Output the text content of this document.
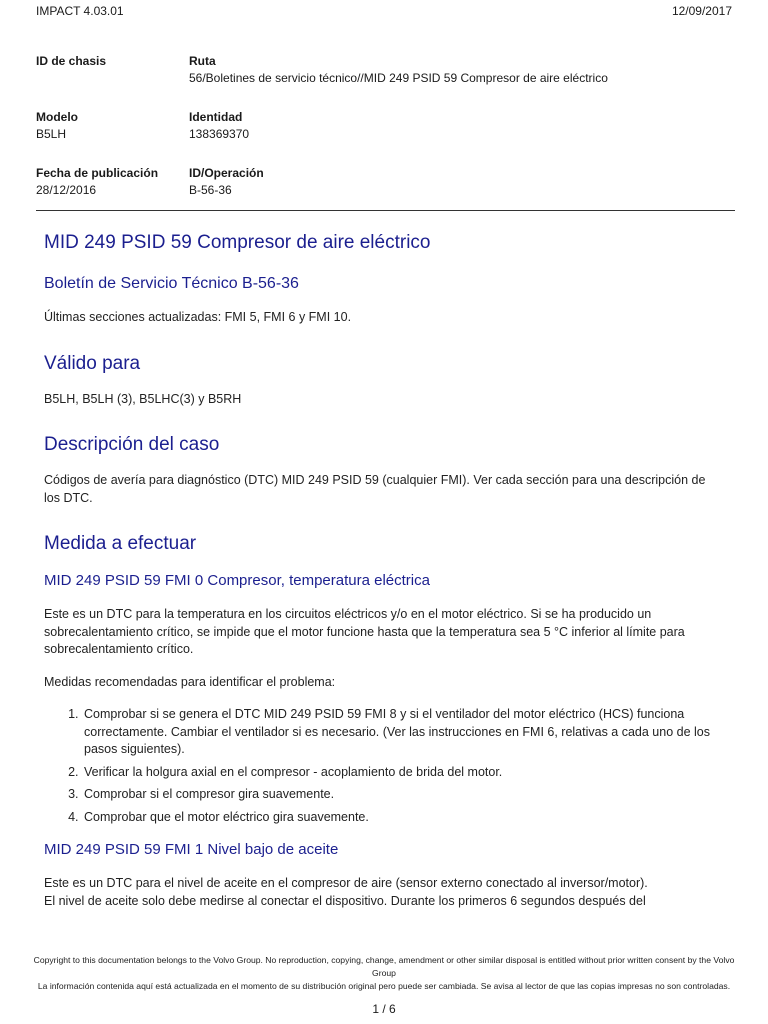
IMPACT 4.03.01	12/09/2017
ID de chasis	Ruta
56/Boletines de servicio técnico//MID 249 PSID 59 Compresor de aire eléctrico
Modelo
B5LH
Identidad
138369370
Fecha de publicación
28/12/2016
ID/Operación
B-56-36
MID 249 PSID 59 Compresor de aire eléctrico
Boletín de Servicio Técnico B-56-36

Últimas secciones actualizadas: FMI 5, FMI 6 y FMI 10.

Válido para

B5LH, B5LH (3), B5LHC(3) y B5RH

Descripción del caso

Códigos de avería para diagnóstico (DTC) MID 249 PSID 59 (cualquier FMI). Ver cada sección para una descripción de los DTC.

Medida a efectuar
MID 249 PSID 59 FMI 0 Compresor, temperatura eléctrica

Este es un DTC para la temperatura en los circuitos eléctricos y/o en el motor eléctrico. Si se ha producido un sobrecalentamiento crítico, se impide que el motor funcione hasta que la temperatura sea 5 °C inferior al límite para sobrecalentamiento crítico.

Medidas recomendadas para identificar el problema:

1. Comprobar si se genera el DTC MID 249 PSID 59 FMI 8 y si el ventilador del motor eléctrico (HCS) funciona correctamente. Cambiar el ventilador si es necesario. (Ver las instrucciones en FMI 6, relativas a cada uno de los pasos siguientes).
2. Verificar la holgura axial en el compresor - acoplamiento de brida del motor.
3. Comprobar si el compresor gira suavemente.
4. Comprobar que el motor eléctrico gira suavemente.
MID 249 PSID 59 FMI 1 Nivel bajo de aceite

Este es un DTC para el nivel de aceite en el compresor de aire (sensor externo conectado al inversor/motor).

El nivel de aceite solo debe medirse al conectar el dispositivo. Durante los primeros 6 segundos después del

Copyright to this documentation belongs to the Volvo Group. No reproduction, copying, change, amendment or other similar disposal is entitled without prior written consent by the Volvo Group
La información contenida aquí está actualizada en el momento de su distribución original pero puede ser cambiada. Se avisa al lector de que las copias impresas no son controladas.
1 / 6
